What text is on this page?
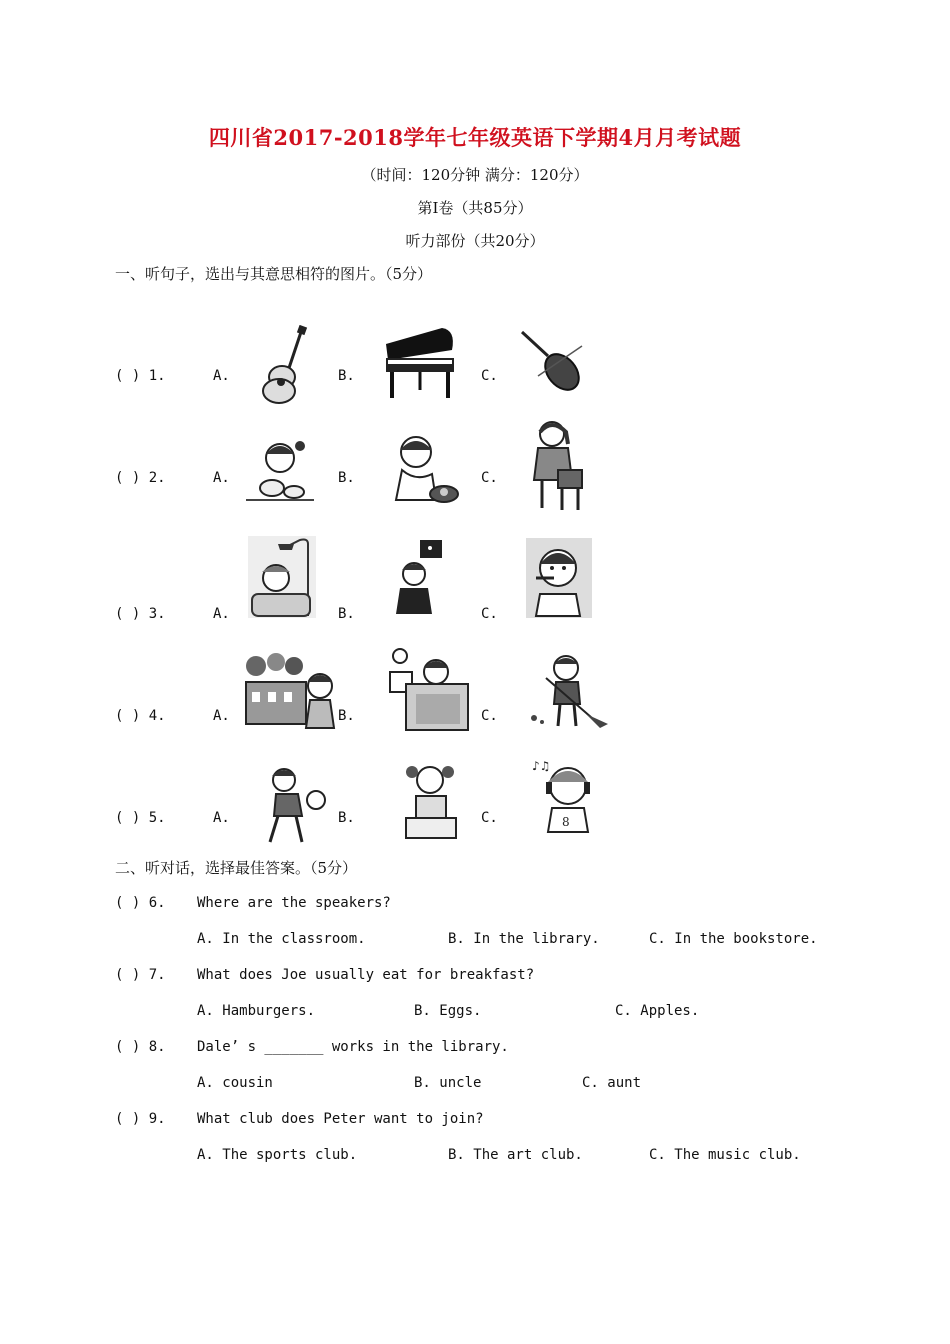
四川省2017-2018学年七年级英语下学期4月月考试题
（时间：120分钟 满分：120分）
第Ⅰ卷（共85分）
听力部份（共20分）
一、听句子，选出与其意思相符的图片。（5分）
( ) 1.	A.	B.	C.
( ) 2.	A.	B.	C.
( ) 3.	A.	B.	C.
( ) 4.	A.	B.	C.
( ) 5.	A.	B.	C.
♪♫
8
二、听对话，选择最佳答案。（5分）
( ) 6. Where are the speakers?
A. In the classroom.	B. In the library.	C. In the bookstore.
( ) 7. What does Joe usually eat for breakfast?
A. Hamburgers.	B. Eggs.	C. Apples.
( ) 8. Dale’ s _______ works in the library.
A. cousin	B. uncle	C. aunt
( ) 9. What club does Peter want to join?
A. The sports club.	B. The art club.	C. The music club.
